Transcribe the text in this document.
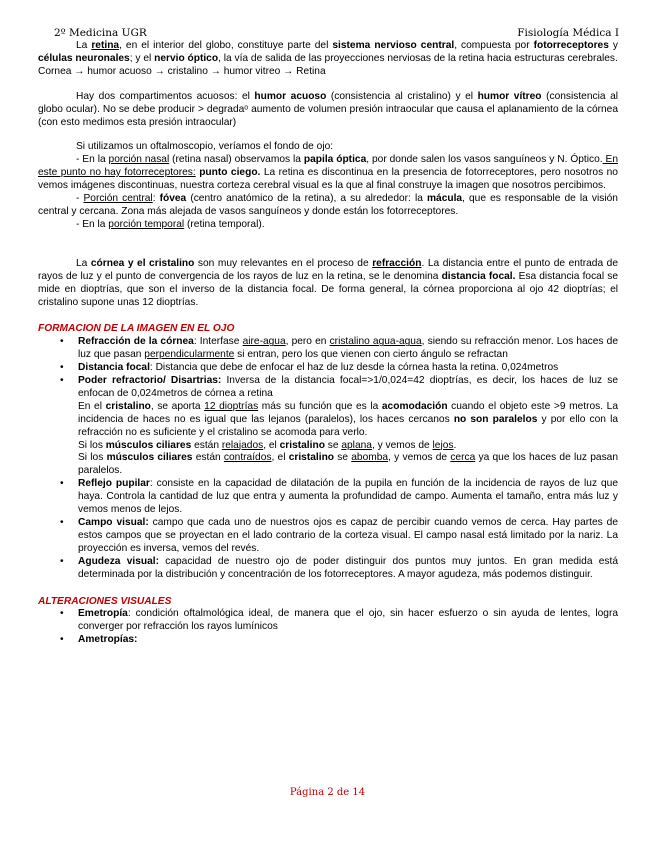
2º Medicina UGR	Fisiología Médica I

La retina, en el interior del globo, constituye parte del sistema nervioso central, compuesta por fotorreceptores y células neuronales; y el nervio óptico, la vía de salida de las proyecciones nerviosas de la retina hacia estructuras cerebrales.

Cornea → humor acuoso → cristalino → humor vitreo → Retina

Hay dos compartimentos acuosos: el humor acuoso (consistencia al cristalino) y el humor vítreo (consistencia al globo ocular). No se debe producir > degradaᵒ aumento de volumen presión intraocular que causa el aplanamiento de la córnea (con esto medimos esta presión intraocular)

Si utilizamos un oftalmoscopio, veríamos el fondo de ojo:

- En la porción nasal (retina nasal) observamos la papila óptica, por donde salen los vasos sanguíneos y N. Óptico. En este punto no hay fotorreceptores: punto ciego. La retina es discontinua en la presencia de fotorreceptores, pero nosotros no vemos imágenes discontinuas, nuestra corteza cerebral visual es la que al final construye la imagen que nosotros percibimos.

- Porción central: fóvea (centro anatómico de la retina), a su alrededor: la mácula, que es responsable de la visión central y cercana. Zona más alejada de vasos sanguíneos y donde están los fotorreceptores.

- En la porción temporal (retina temporal).

La córnea y el cristalino son muy relevantes en el proceso de refracción. La distancia entre el punto de entrada de rayos de luz y el punto de convergencia de los rayos de luz en la retina, se le denomina distancia focal. Esa distancia focal se mide en dioptrías, que son el inverso de la distancia focal. De forma general, la córnea proporciona al ojo 42 dioptrías; el cristalino supone unas 12 dioptrías.

FORMACION DE LA IMAGEN EN EL OJO

• Refracción de la córnea: Interfase aire-agua, pero en cristalino agua-agua, siendo su refracción menor. Los haces de luz que pasan perpendicularmente si entran, pero los que vienen con cierto ángulo se refractan
• Distancia focal: Distancia que debe de enfocar el haz de luz desde la córnea hasta la retina. 0,024metros
• Poder refractorio/ Disartrias: Inversa de la distancia focal=>1/0,024=42 dioptrías, es decir, los haces de luz se enfocan de 0,024metros de córnea a retina

En el cristalino, se aporta 12 dioptrías más su función que es la acomodación cuando el objeto este >9 metros. La incidencia de haces no es igual que las lejanos (paralelos), los haces cercanos no son paralelos y por ello con la refracción no es suficiente y el cristalino se acomoda para verlo.

Si los músculos ciliares están relajados, el cristalino se aplana, y vemos de lejos.

Si los músculos ciliares están contraídos, el cristalino se abomba, y vemos de cerca ya que los haces de luz pasan paralelos.

• Reflejo pupilar: consiste en la capacidad de dilatación de la pupila en función de la incidencia de rayos de luz que haya. Controla la cantidad de luz que entra y aumenta la profundidad de campo. Aumenta el tamaño, entra más luz y vemos menos de lejos.
• Campo visual: campo que cada uno de nuestros ojos es capaz de percibir cuando vemos de cerca. Hay partes de estos campos que se proyectan en el lado contrario de la corteza visual. El campo nasal está limitado por la nariz. La proyección es inversa, vemos del revés.
• Agudeza visual: capacidad de nuestro ojo de poder distinguir dos puntos muy juntos. En gran medida está determinada por la distribución y concentración de los fotorreceptores. A mayor agudeza, más podemos distinguir.

ALTERACIONES VISUALES

• Emetropía: condición oftalmológica ideal, de manera que el ojo, sin hacer esfuerzo o sin ayuda de lentes, logra converger por refracción los rayos lumínicos
• Ametropías:
Página 2 de 14
